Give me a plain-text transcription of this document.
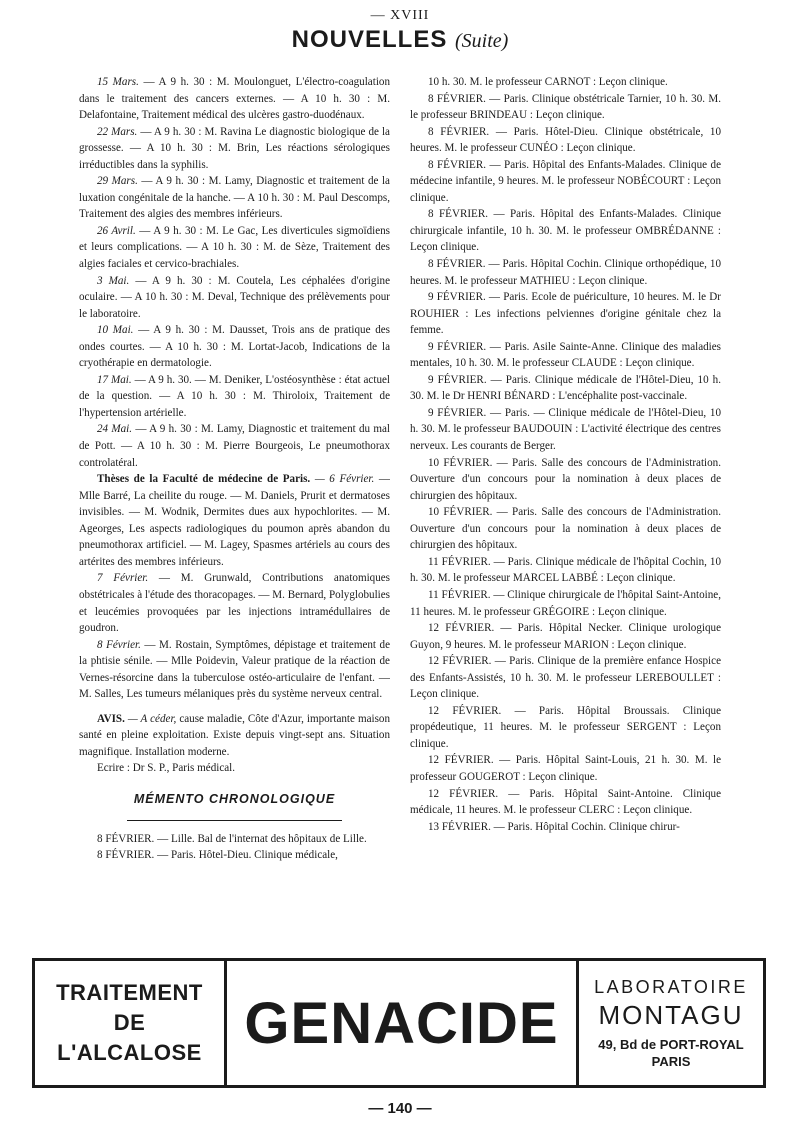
— XVIII
NOUVELLES (Suite)

15 Mars. — A 9 h. 30 : M. Moulonguet, L'électro-coagulation dans le traitement des cancers externes. — A 10 h. 30 : M. Delafontaine, Traitement médical des ulcères gastro-duodénaux.

22 Mars. — A 9 h. 30 : M. Ravina Le diagnostic biologique de la grossesse. — A 10 h. 30 : M. Brin, Les réactions sérologiques irréductibles dans la syphilis.

29 Mars. — A 9 h. 30 : M. Lamy, Diagnostic et traitement de la luxation congénitale de la hanche. — A 10 h. 30 : M. Paul Descomps, Traitement des algies des membres inférieurs.

26 Avril. — A 9 h. 30 : M. Le Gac, Les diverticules sigmoïdiens et leurs complications. — A 10 h. 30 : M. de Sèze, Traitement des algies faciales et cervico-brachiales.

3 Mai. — A 9 h. 30 : M. Coutela, Les céphalées d'origine oculaire. — A 10 h. 30 : M. Deval, Technique des prélèvements pour le laboratoire.

10 Mai. — A 9 h. 30 : M. Dausset, Trois ans de pratique des ondes courtes. — A 10 h. 30 : M. Lortat-Jacob, Indications de la cryothérapie en dermatologie.

17 Mai. — A 9 h. 30. — M. Deniker, L'ostéosynthèse : état actuel de la question. — A 10 h. 30 : M. Thiroloix, Traitement de l'hypertension artérielle.

24 Mai. — A 9 h. 30 : M. Lamy, Diagnostic et traitement du mal de Pott. — A 10 h. 30 : M. Pierre Bourgeois, Le pneumothorax controlatéral.

Thèses de la Faculté de médecine de Paris. — 6 Février. — Mlle Barré, La cheilite du rouge. — M. Daniels, Prurit et dermatoses invisibles. — M. Wodnik, Dermites dues aux hypochlorites. — M. Ageorges, Les aspects radiologiques du poumon après abandon du pneumothorax artificiel. — M. Lagey, Spasmes artériels au cours des artérites des membres inférieurs.

7 Février. — M. Grunwald, Contributions anatomiques obstétricales à l'étude des thoracopages. — M. Bernard, Polyglobulies et leucémies provoquées par les injections intramédullaires de goudron.

8 Février. — M. Rostain, Symptômes, dépistage et traitement de la phtisie sénile. — Mlle Poidevin, Valeur pratique de la réaction de Vernes-résorcine dans la tuberculose ostéo-articulaire de l'enfant. — M. Salles, Les tumeurs mélaniques près du système nerveux central.

AVIS. — A céder, cause maladie, Côte d'Azur, importante maison santé en pleine exploitation. Existe depuis vingt-sept ans. Situation magnifique. Installation moderne.

Ecrire : Dr S. P., Paris médical.

MÉMENTO CHRONOLOGIQUE

8 FÉVRIER. — Lille. Bal de l'internat des hôpitaux de Lille.

8 FÉVRIER. — Paris. Hôtel-Dieu. Clinique médicale,

10 h. 30. M. le professeur CARNOT : Leçon clinique.

8 FÉVRIER. — Paris. Clinique obstétricale Tarnier, 10 h. 30. M. le professeur BRINDEAU : Leçon clinique.

8 FÉVRIER. — Paris. Hôtel-Dieu. Clinique obstétricale, 10 heures. M. le professeur CUNÉO : Leçon clinique.

8 FÉVRIER. — Paris. Hôpital des Enfants-Malades. Clinique de médecine infantile, 9 heures. M. le professeur NOBÉCOURT : Leçon clinique.

8 FÉVRIER. — Paris. Hôpital des Enfants-Malades. Clinique chirurgicale infantile, 10 h. 30. M. le professeur OMBRÉDANNE : Leçon clinique.

8 FÉVRIER. — Paris. Hôpital Cochin. Clinique orthopédique, 10 heures. M. le professeur MATHIEU : Leçon clinique.

9 FÉVRIER. — Paris. Ecole de puériculture, 10 heures. M. le Dr ROUHIER : Les infections pelviennes d'origine génitale chez la femme.

9 FÉVRIER. — Paris. Asile Sainte-Anne. Clinique des maladies mentales, 10 h. 30. M. le professeur CLAUDE : Leçon clinique.

9 FÉVRIER. — Paris. Clinique médicale de l'Hôtel-Dieu, 10 h. 30. M. le Dr HENRI BÉNARD : L'encéphalite post-vaccinale.

9 FÉVRIER. — Paris. — Clinique médicale de l'Hôtel-Dieu, 10 h. 30. M. le professeur BAUDOUIN : L'activité électrique des centres nerveux. Les courants de Berger.

10 FÉVRIER. — Paris. Salle des concours de l'Administration. Ouverture d'un concours pour la nomination à deux places de chirurgien des hôpitaux.

10 FÉVRIER. — Paris. Salle des concours de l'Administration. Ouverture d'un concours pour la nomination à deux places de chirurgien des hôpitaux.

11 FÉVRIER. — Paris. Clinique médicale de l'hôpital Cochin, 10 h. 30. M. le professeur MARCEL LABBÉ : Leçon clinique.

11 FÉVRIER. — Clinique chirurgicale de l'hôpital Saint-Antoine, 11 heures. M. le professeur GRÉGOIRE : Leçon clinique.

12 FÉVRIER. — Paris. Hôpital Necker. Clinique urologique Guyon, 9 heures. M. le professeur MARION : Leçon clinique.

12 FÉVRIER. — Paris. Clinique de la première enfance Hospice des Enfants-Assistés, 10 h. 30. M. le professeur LEREBOULLET : Leçon clinique.

12 FÉVRIER. — Paris. Hôpital Broussais. Clinique propédeutique, 11 heures. M. le professeur SERGENT : Leçon clinique.

12 FÉVRIER. — Paris. Hôpital Saint-Louis, 21 h. 30. M. le professeur GOUGEROT : Leçon clinique.

12 FÉVRIER. — Paris. Hôpital Saint-Antoine. Clinique médicale, 11 heures. M. le professeur CLERC : Leçon clinique.

13 FÉVRIER. — Paris. Hôpital Cochin. Clinique chirur-

TRAITEMENT
DE
L'ALCALOSE GENACIDE
LABORATOIRE
MONTAGU
49, Bd de PORT-ROYAL
PARIS
— 140 —
